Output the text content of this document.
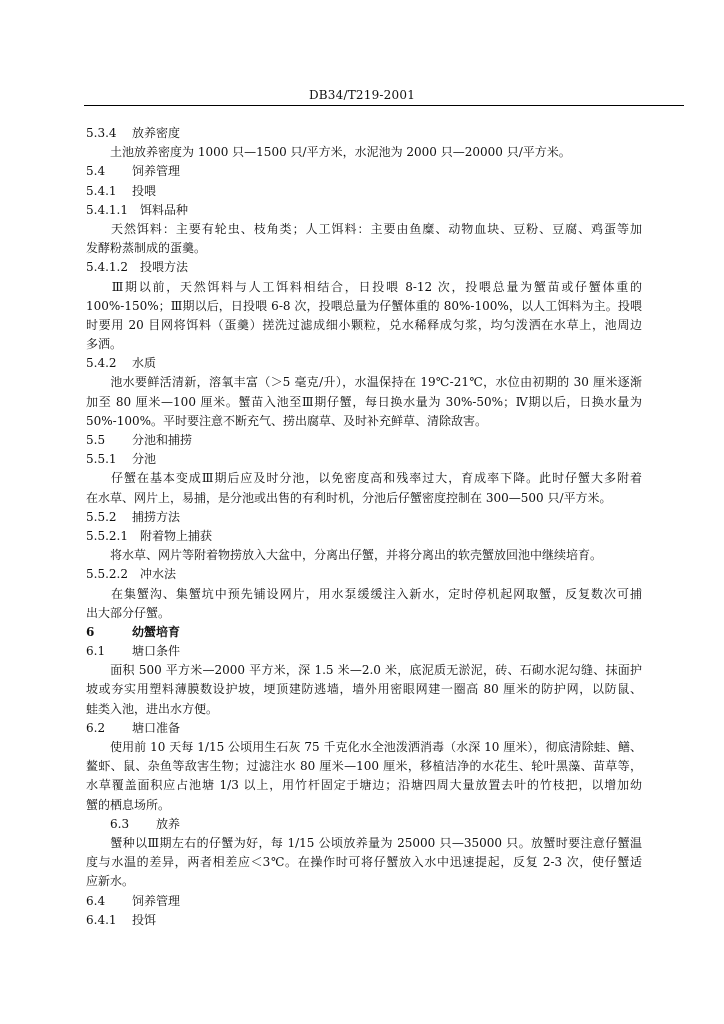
DB34/T219-2001
5.3.4 放养密度
土池放养密度为 1000 只—1500 只/平方米，水泥池为 2000 只—20000 只/平方米。
5.4 饲养管理
5.4.1 投喂
5.4.1.1 饵料品种
天然饵料：主要有轮虫、枝角类；人工饵料：主要由鱼糜、动物血块、豆粉、豆腐、鸡蛋等加
发酵粉蒸制成的蛋羹。
5.4.1.2 投喂方法
Ⅲ期以前，天然饵料与人工饵料相结合，日投喂 8-12 次，投喂总量为蟹苗或仔蟹体重的
100%-150%；Ⅲ期以后，日投喂 6-8 次，投喂总量为仔蟹体重的 80%-100%，以人工饵料为主。投喂
时要用 20 目网将饵料（蛋羹）搓洗过滤成细小颗粒，兑水稀释成匀浆，均匀泼洒在水草上，池周边
多洒。
5.4.2 水质
池水要鲜活清新，溶氧丰富（＞5 毫克/升），水温保持在 19℃-21℃，水位由初期的 30 厘米逐渐
加至 80 厘米—100 厘米。蟹苗入池至Ⅲ期仔蟹，每日换水量为 30%-50%；Ⅳ期以后，日换水量为
50%-100%。平时要注意不断充气、捞出腐草、及时补充鲜草、清除敌害。
5.5 分池和捕捞
5.5.1 分池
仔蟹在基本变成Ⅲ期后应及时分池，以免密度高和残率过大，育成率下降。此时仔蟹大多附着
在水草、网片上，易捕，是分池或出售的有利时机，分池后仔蟹密度控制在 300—500 只/平方米。
5.5.2 捕捞方法
5.5.2.1 附着物上捕获
将水草、网片等附着物捞放入大盆中，分离出仔蟹，并将分离出的软壳蟹放回池中继续培育。
5.5.2.2 冲水法
在集蟹沟、集蟹坑中预先铺设网片，用水泵缓缓注入新水，定时停机起网取蟹，反复数次可捕
出大部分仔蟹。
6	幼蟹培育
6.1 塘口条件
面积 500 平方米—2000 平方米，深 1.5 米—2.0 米，底泥质无淤泥，砖、石砌水泥勾缝、抹面护
坡或夯实用塑料薄膜数设护坡，埂顶建防逃墙，墙外用密眼网建一圈高 80 厘米的防护网，以防鼠、
蛙类入池，进出水方便。
6.2 塘口准备
使用前 10 天每 1/15 公顷用生石灰 75 千克化水全池泼洒消毒（水深 10 厘米），彻底清除蛙、鳝、
鳌虾、鼠、杂鱼等敌害生物；过滤注水 80 厘米—100 厘米，移植洁净的水花生、轮叶黑藻、苗草等，
水草覆盖面积应占池塘 1/3 以上，用竹杆固定于塘边；沿塘四周大量放置去叶的竹枝把，以增加幼
蟹的栖息场所。
6.3 放养
蟹种以Ⅲ期左右的仔蟹为好，每 1/15 公顷放养量为 25000 只—35000 只。放蟹时要注意仔蟹温
度与水温的差异，两者相差应＜3℃。在操作时可将仔蟹放入水中迅速提起，反复 2-3 次，使仔蟹适
应新水。
6.4 饲养管理
6.4.1 投饵
